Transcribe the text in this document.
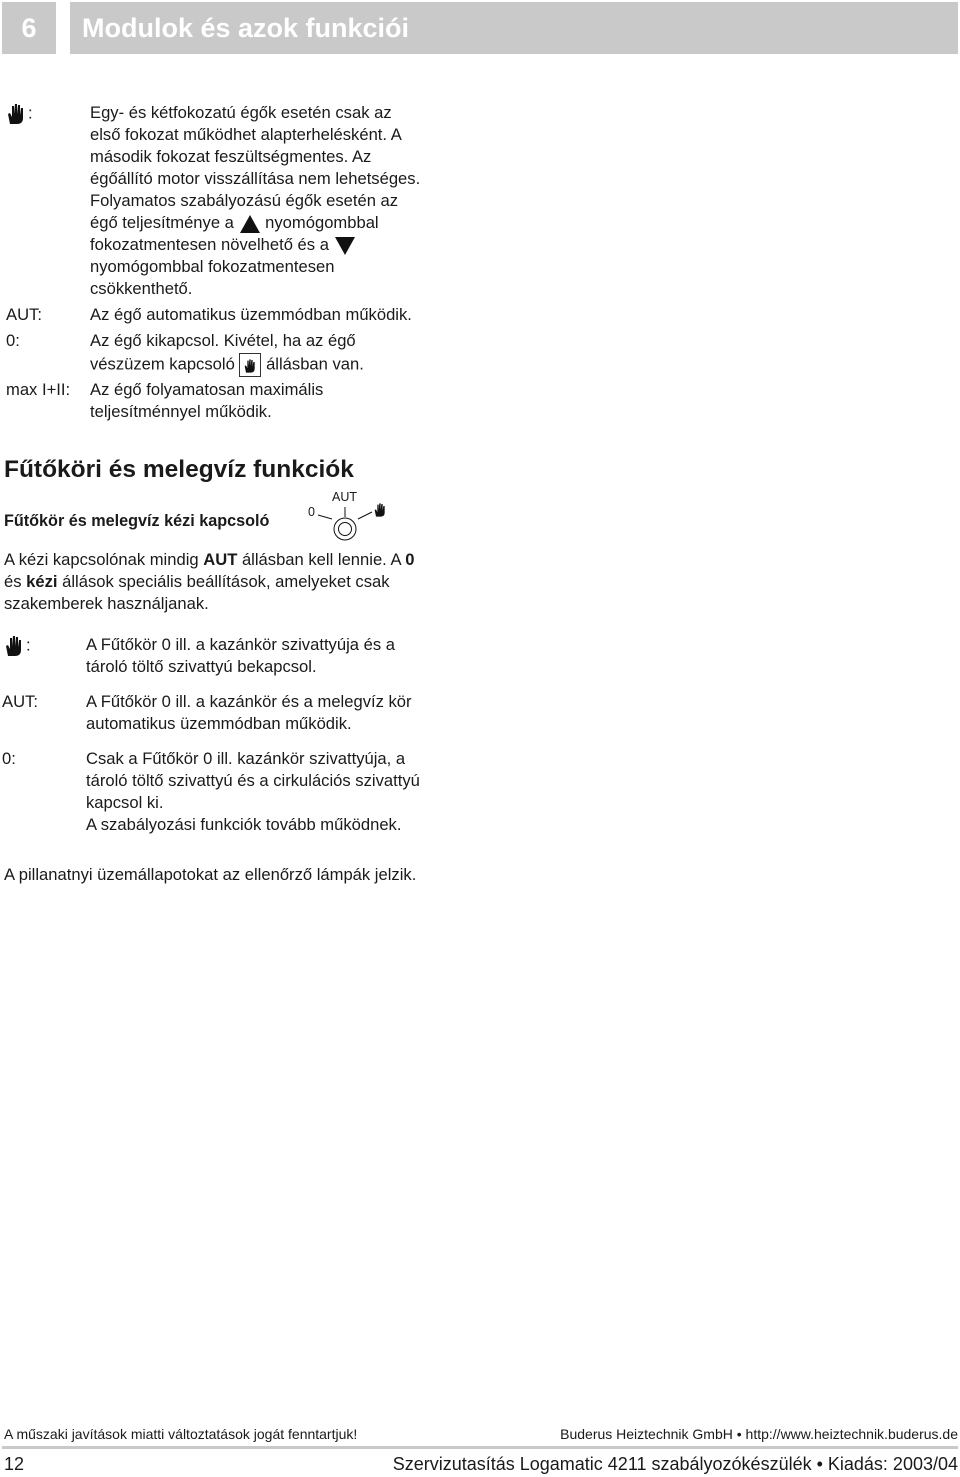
6	Modulok és azok funkciói
:	Egy- és kétfokozatú égők esetén csak az
első fokozat működhet alapterhelésként. A
második fokozat feszültségmentes. Az
égőállító motor visszállítása nem lehetséges.
Folyamatos szabályozású égők esetén az
égő teljesítménye a nyomógombbal
fokozatmentesen növelhető és a
nyomógombbal fokozatmentesen
csökkenthető.
AUT:	Az égő automatikus üzemmódban működik.
0:	Az égő kikapcsol. Kivétel, ha az égő
vészüzem kapcsoló állásban van.
max I+II: Az égő folyamatosan maximális
teljesítménnyel működik.
Fűtőköri és melegvíz funkciók
Fűtőkör és melegvíz kézi kapcsoló
AUT
0
A kézi kapcsolónak mindig AUT állásban kell lennie. A 0
és kézi állások speciális beállítások, amelyeket csak
szakemberek használjanak.
:	A Fűtőkör 0 ill. a kazánkör szivattyúja és a
tároló töltő szivattyú bekapcsol.
AUT:	A Fűtőkör 0 ill. a kazánkör és a melegvíz kör
automatikus üzemmódban működik.
0:	Csak a Fűtőkör 0 ill. kazánkör szivattyúja, a
tároló töltő szivattyú és a cirkulációs szivattyú
kapcsol ki.
A szabályozási funkciók tovább működnek.
A pillanatnyi üzemállapotokat az ellenőrző lámpák jelzik.
A műszaki javítások miatti változtatások jogát fenntartjuk!	Buderus Heiztechnik GmbH • http://www.heiztechnik.buderus.de
12	Szervizutasítás Logamatic 4211 szabályozókészülék • Kiadás: 2003/04
